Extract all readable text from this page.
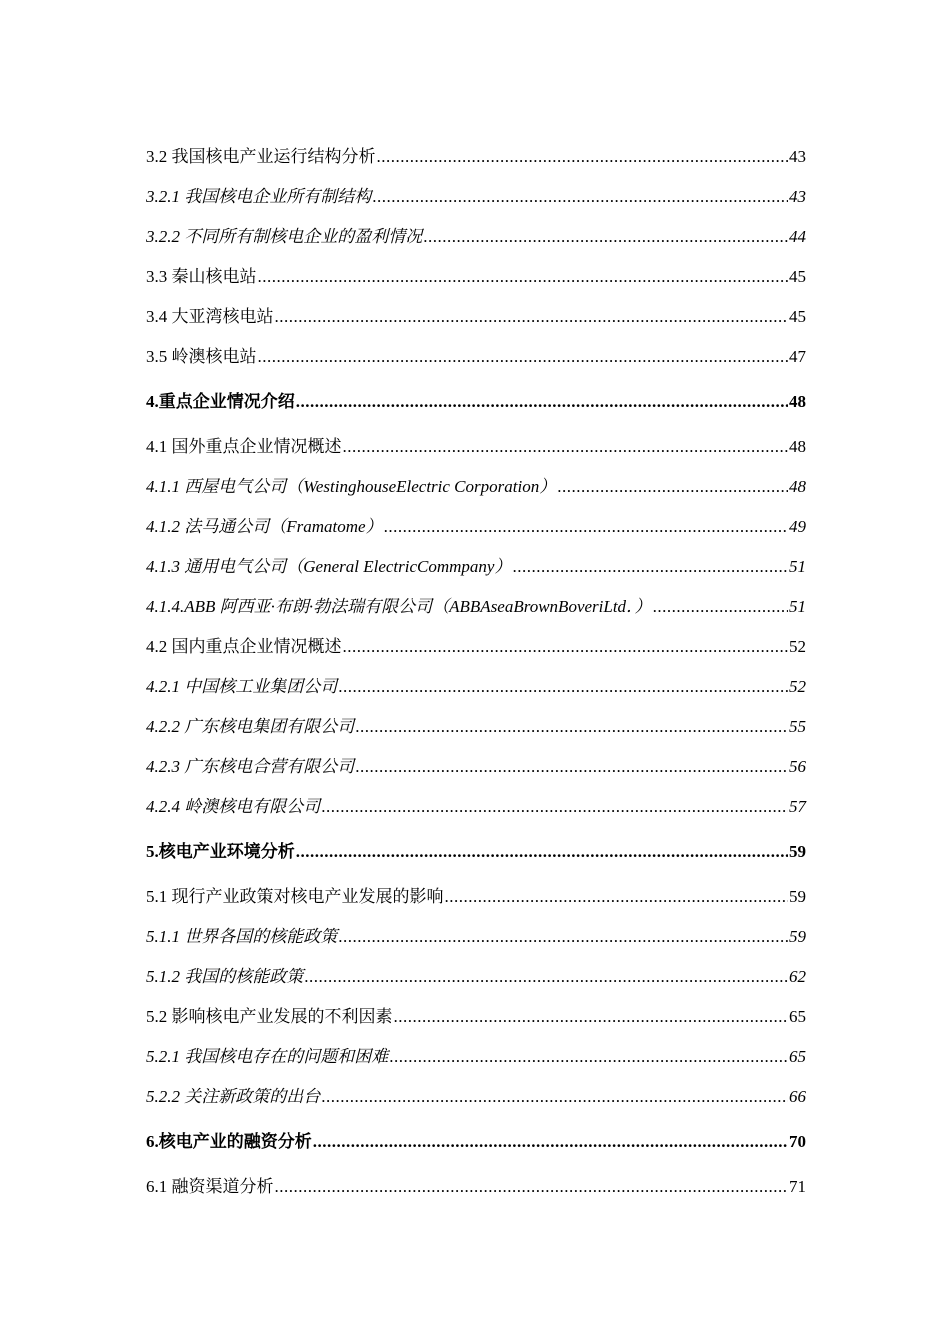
3.2 我国核电产业运行结构分析 .....	43
3.2.1 我国核电企业所有制结构 .....	43
3.2.2 不同所有制核电企业的盈利情况 .....	44
3.3 秦山核电站 .....	45
3.4 大亚湾核电站 .....	45
3.5 岭澳核电站 .....	47
4.重点企业情况介绍 .....	48
4.1 国外重点企业情况概述 .....	48
4.1.1 西屋电气公司（WestinghouseElectric Corporation） .....	48
4.1.2 法马通公司（Framatome） .....	49
4.1.3 通用电气公司（General ElectricCommpany） .....	51
4.1.4.ABB 阿西亚·布朗·勃法瑞有限公司（ABBAseaBrownBoveriLtd．） .....	51
4.2 国内重点企业情况概述 .....	52
4.2.1 中国核工业集团公司 .....	52
4.2.2 广东核电集团有限公司 .....	55
4.2.3 广东核电合营有限公司 .....	56
4.2.4 岭澳核电有限公司 .....	57
5.核电产业环境分析 .....	59
5.1 现行产业政策对核电产业发展的影响 .....	59
5.1.1 世界各国的核能政策 .....	59
5.1.2 我国的核能政策 .....	62
5.2 影响核电产业发展的不利因素 .....	65
5.2.1 我国核电存在的问题和困难 .....	65
5.2.2 关注新政策的出台 .....	66
6.核电产业的融资分析 .....	70
6.1 融资渠道分析 .....	71
